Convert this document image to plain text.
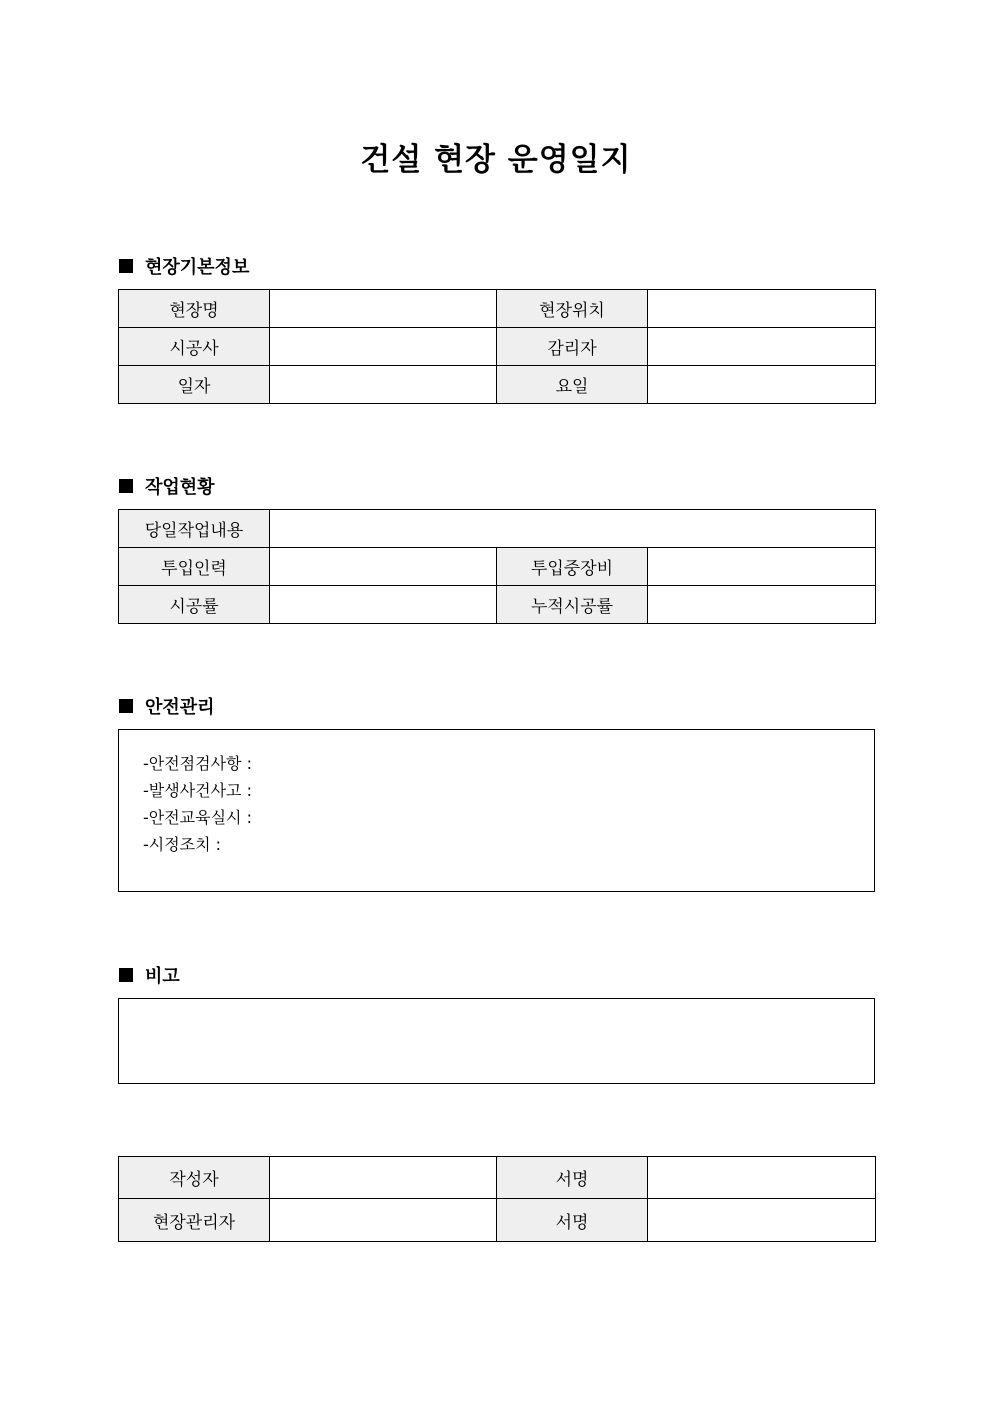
건설 현장 운영일지
현장기본정보
현장명		현장위치	
시공사		감리자	
일자		요일	
작업현황
당일작업내용			
투입인력		투입중장비	
시공률		누적시공률	
안전관리
-안전점검사항 :
-발생사건사고 :
-안전교육실시 :
-시정조치 :
비고
작성자		서명	
현장관리자		서명	
